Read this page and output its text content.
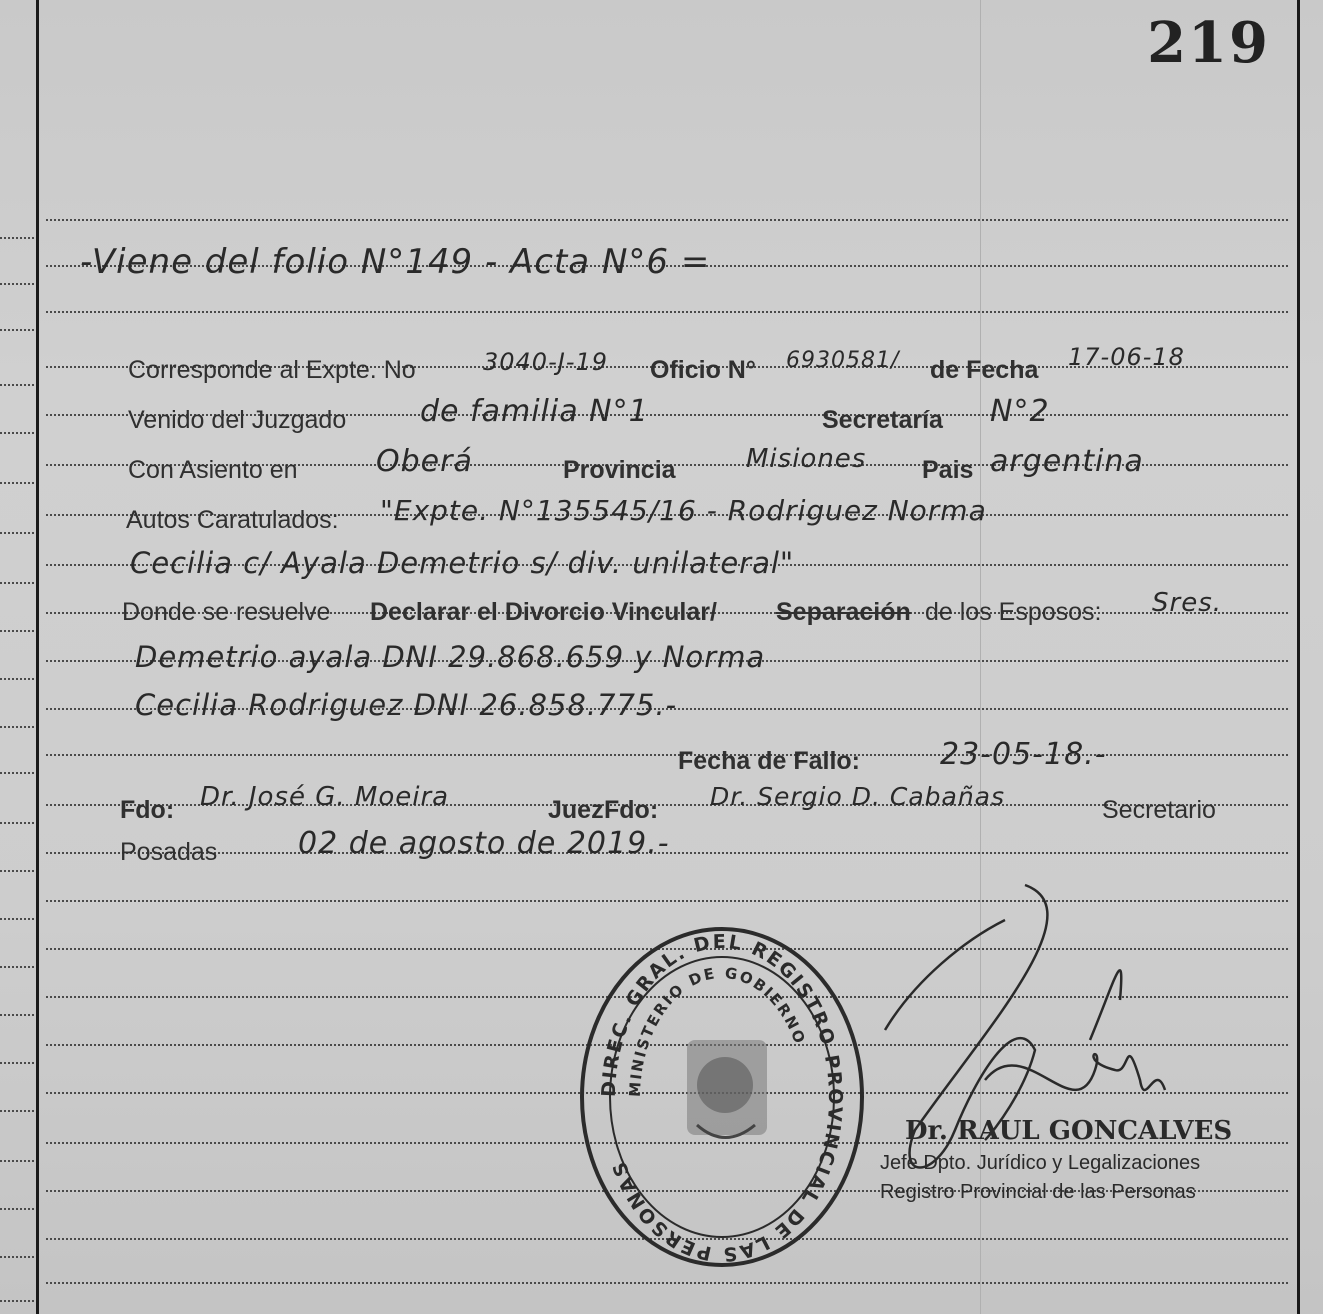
219
-Viene del folio N°149 - Acta N°6 =
Corresponde al Expte. No	3040-J-19 Oficio N° 6930581/ de Fecha 17-06-18
Venido del Juzgado de familia N°1	Secretaría N°2
Con Asiento en	Oberá	Provincia	Misiones Pais argentina
Autos Caratulados: "Expte. N°135545/16 - Rodriguez Norma
Cecilia c/ Ayala Demetrio s/ div. unilateral"
Donde se resuelve Declarar el Divorcio Vincular/ Separación de los Esposos: Sres.
Demetrio ayala DNI 29.868.659 y Norma
Cecilia Rodriguez DNI 26.858.775.-
Fecha de Fallo:	23-05-18.-
Fdo: Dr. José G. Moeira	Juez Fdo: Dr. Sergio D. Cabañas	Secretario
Posadas	02 de agosto de 2019.-
DIREC. GRAL. DEL REGISTRO PROVINCIAL DE LAS PERSONAS
MINISTERIO DE GOBIERNO
Dr. RAUL GONCALVES
Jefe Dpto. Jurídico y Legalizaciones
Registro Provincial de las Personas
